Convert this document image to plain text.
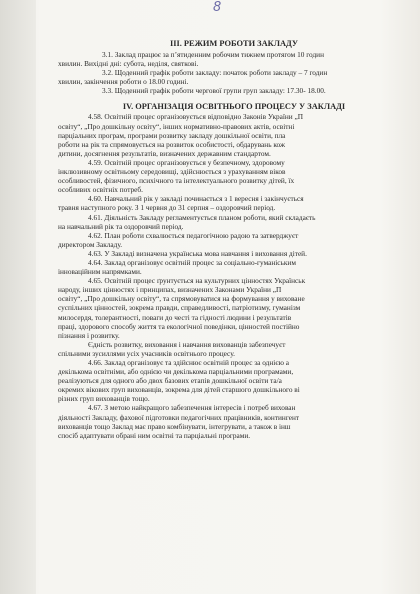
8
ІІІ. РЕЖИМ РОБОТИ ЗАКЛАДУ
3.1. Заклад працює за п’ятиденним робочим тижнем протягом 10 годин
хвилин. Вихідні дні: субота, неділя, святкові.
3.2. Щоденний графік роботи закладу: початок роботи закладу – 7 годин
хвилин, закінчення роботи о 18.00 годині.
3.3. Щоденний графік роботи чергової групи груп закладу: 17.30- 18.00.
IV. ОРГАНІЗАЦІЯ ОСВІТНЬОГО ПРОЦЕСУ У ЗАКЛАДІ
4.58. Освітній процес організовується відповідно Законів України „П
освіту“, „Про дошкільну освіту“, інших нормативно-правових актів, освітні
парціальних програм, програми розвитку закладу дошкільної освіти, пла
роботи на рік та спрямовується на розвиток особистості, обдарувань кож
дитини, досягнення результатів, визначених державним стандартом.
4.59. Освітній процес організовується у безпечному, здоровому
інклюзивному освітньому середовищі, здійснюється з урахуванням віков
особливостей, фізичного, психічного та інтелектуального розвитку дітей, їх
особливих освітніх потреб.
4.60. Навчальний рік у закладі починається з 1 вересня і закінчується
травня наступного року. З 1 червня до 31 серпня – оздоровчий період.
4.61. Діяльність Закладу регламентується планом роботи, який складаєть
на навчальний рік та оздоровчий період.
4.62. План роботи схвалюється педагогічною радою та затверджуєт
директором Закладу.
4.63. У Закладі визначена українська мова навчання і виховання дітей.
4.64. Заклад організовує освітній процес за соціально-гуманіським
інноваційним напрямками.
4.65. Освітній процес ґрунтується на культурних цінностях Українськ
народу, інших цінностях і принципах, визначених Законами України „П
освіту“, „Про дошкільну освіту“, та спрямовуватися на формування у виховане
суспільних цінностей, зокрема правди, справедливості, патріотизму, гуманізм
милосердя, толерантності, поваги до честі та гідності людини і результатів
праці, здорового способу життя та екологічної поведінки, цінностей постійно
пізнання і розвитку.
Єдність розвитку, виховання і навчання вихованців забезпечуєт
спільними зусиллями усіх учасників освітнього процесу.
4.66. Заклад організовує та здійснює освітній процес за однією а
декількома освітніми, або однією чи декількома парціальними програмами,
реалізуються для одного або двох базових етапів дошкільної освіти та/а
окремих вікових груп вихованців, зокрема для дітей старшого дошкільного ві
різних груп вихованців тощо.
4.67. З метою найкращого забезпечення інтересів і потреб вихован
діяльності Закладу, фахової підготовки педагогічних працівників, контингент
вихованців тощо Заклад має право комбінувати, інтегрувати, а також в інш
спосіб адаптувати обрані ним освітні та парціальні програми.
